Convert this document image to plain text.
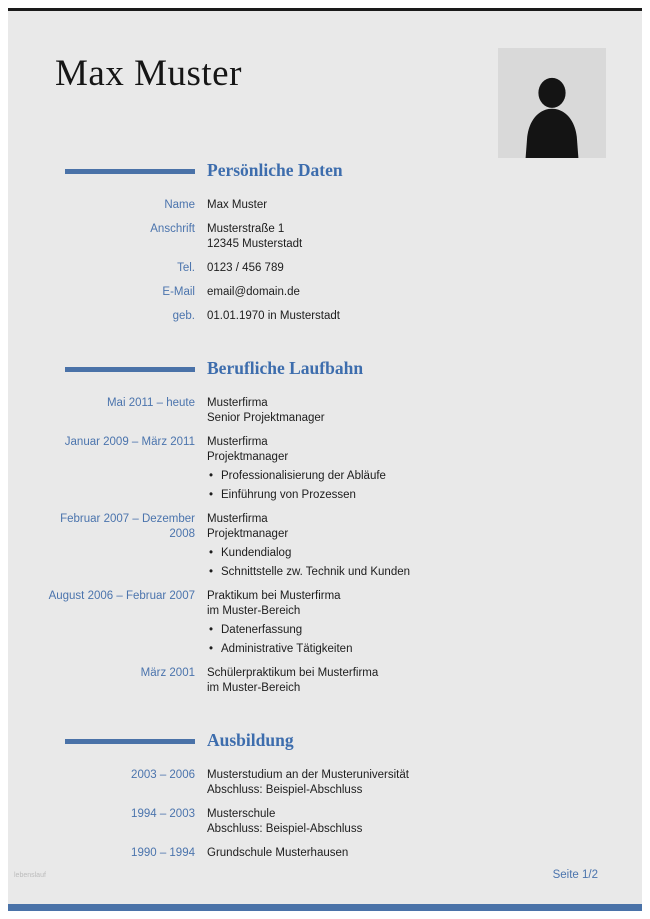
Max Muster
Persönliche Daten
Name Max Muster
Anschrift Musterstraße 1
12345 Musterstadt
Tel. 0123 / 456 789
E-Mail email@domain.de
geb. 01.01.1970 in Musterstadt
Berufliche Laufbahn
Mai 2011 – heute Musterfirma
Senior Projektmanager
Januar 2009 – März 2011 Musterfirma
Projektmanager
• Professionalisierung der Abläufe
• Einführung von Prozessen
Februar 2007 – Dezember 2008
Musterfirma
Projektmanager
• Kundendialog
• Schnittstelle zw. Technik und Kunden
August 2006 – Februar 2007 Praktikum bei Musterfirma
im Muster-Bereich
• Datenerfassung
• Administrative Tätigkeiten
März 2001 Schülerpraktikum bei Musterfirma
im Muster-Bereich
Ausbildung
2003 – 2006 Musterstudium an der Musteruniversität
Abschluss: Beispiel-Abschluss
1994 – 2003 Musterschule
Abschluss: Beispiel-Abschluss
1990 – 1994 Grundschule Musterhausen
lebenslauf	Seite 1/2
